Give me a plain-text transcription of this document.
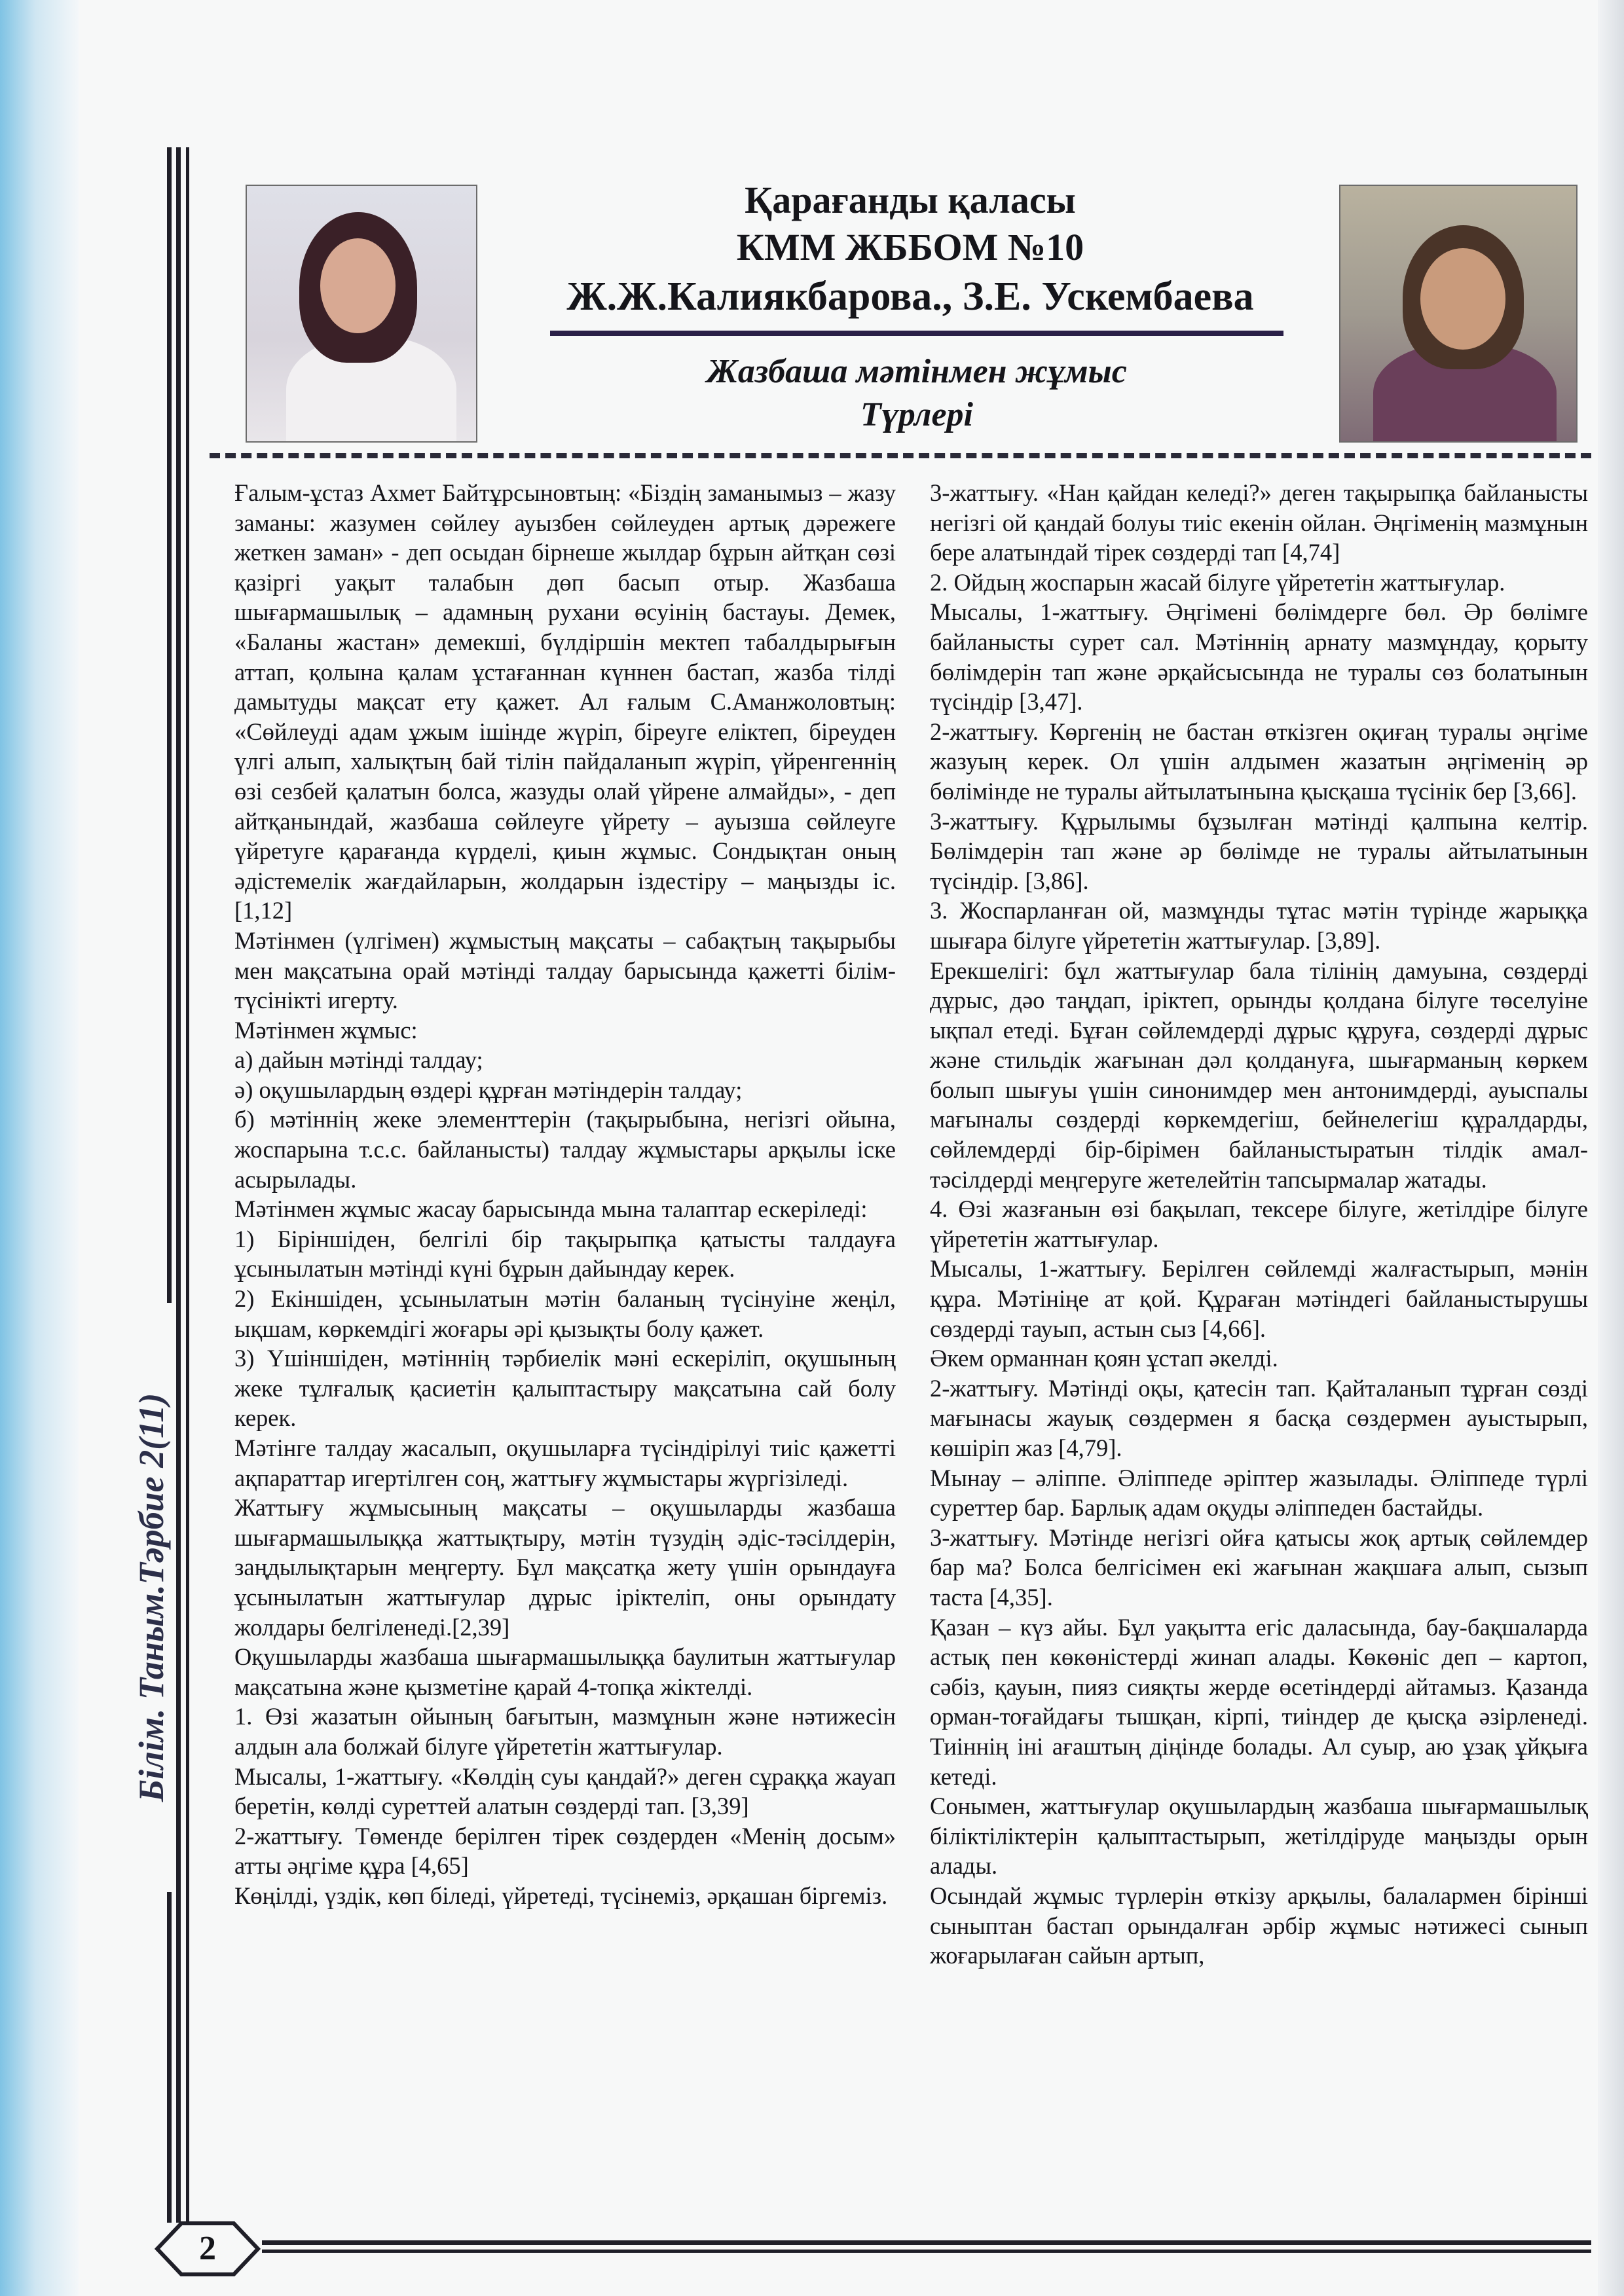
Білім. Таным.Тәрбие 2(11)
Қарағанды қаласы
КММ ЖББОМ №10
Ж.Ж.Калиякбарова., З.Е. Ускембаева
Жазбаша мәтінмен жұмыс
Түрлері

Ғалым-ұстаз Ахмет Байтұрсыновтың: «Біздің заманымыз – жазу заманы: жазумен сөйлеу ауызбен сөйлеуден артық дәрежеге жеткен заман» - деп осыдан бірнеше жылдар бұрын айтқан сөзі қазіргі уақыт талабын дөп басып отыр. Жазбаша шығармашылық – адамның рухани өсуінің бастауы. Демек, «Баланы жастан» демекші, бүлдіршін мектеп табалдырығын аттап, қолына қалам ұстағаннан күннен бастап, жазба тілді дамытуды мақсат ету қажет. Ал ғалым С.Аманжоловтың: «Сөйлеуді адам ұжым ішінде жүріп, біреуге еліктеп, біреуден үлгі алып, халықтың бай тілін пайдаланып жүріп, үйренгеннің өзі сезбей қалатын болса, жазуды олай үйрене алмайды», - деп айтқанындай, жазбаша сөйлеуге үйрету – ауызша сөйлеуге үйретуге қарағанда күрделі, қиын жұмыс. Сондықтан оның әдістемелік жағдайларын, жолдарын іздестіру – маңызды іс.[1,12]

Мәтінмен (үлгімен) жұмыстың мақсаты – сабақтың тақырыбы мен мақсатына орай мәтінді талдау барысында қажетті білім-түсінікті игерту.

Мәтінмен жұмыс:

а) дайын мәтінді талдау;

ә) оқушылардың өздері құрған мәтіндерін талдау;

б) мәтіннің жеке элементтерін (тақырыбына, негізгі ойына, жоспарына т.с.с. байланысты) талдау жұмыстары арқылы іске асырылады.

Мәтінмен жұмыс жасау барысында мына талаптар ескеріледі:

1) Біріншіден, белгілі бір тақырыпқа қатысты талдауға ұсынылатын мәтінді күні бұрын дайындау керек.

2) Екіншіден, ұсынылатын мәтін баланың түсінуіне жеңіл, ықшам, көркемдігі жоғары әрі қызықты болу қажет.

3) Үшіншіден, мәтіннің тәрбиелік мәні ескеріліп, оқушының жеке тұлғалық қасиетін қалыптастыру мақсатына сай болу керек.

Мәтінге талдау жасалып, оқушыларға түсіндірілуі тиіс қажетті ақпараттар игертілген соң, жаттығу жұмыстары жүргізіледі.

Жаттығу жұмысының мақсаты – оқушыларды жазбаша шығармашылыққа жаттықтыру, мәтін түзудің әдіс-тәсілдерін, заңдылықтарын меңгерту. Бұл мақсатқа жету үшін орындауға ұсынылатын жаттығулар дұрыс іріктеліп, оны орындату жолдары белгіленеді.[2,39]

Оқушыларды жазбаша шығармашылыққа баулитын жаттығулар мақсатына және қызметіне қарай 4-топқа жіктелді.

1. Өзі жазатын ойының бағытын, мазмұнын және нәтижесін алдын ала болжай білуге үйрететін жаттығулар.

Мысалы, 1-жаттығу. «Көлдің суы қандай?» деген сұраққа жауап беретін, көлді суреттей алатын сөздерді тап. [3,39]

2-жаттығу. Төменде берілген тірек сөздерден «Менің досым» атты әңгіме құра [4,65]

Көңілді, үздік, көп біледі, үйретеді, түсінеміз, әрқашан біргеміз.

3-жаттығу. «Нан қайдан келеді?» деген тақырыпқа байланысты негізгі ой қандай болуы тиіс екенін ойлан. Әңгіменің мазмұнын бере алатындай тірек сөздерді тап [4,74]

2. Ойдың жоспарын жасай білуге үйрететін жаттығулар.

Мысалы, 1-жаттығу. Әңгімені бөлімдерге бөл. Әр бөлімге байланысты сурет сал. Мәтіннің арнату мазмұндау, қорыту бөлімдерін тап және әрқайсысында не туралы сөз болатынын түсіндір [3,47].

2-жаттығу. Көргенің не бастан өткізген оқиғаң туралы әңгіме жазуың керек. Ол үшін алдымен жазатын әңгіменің әр бөлімінде не туралы айтылатынына қысқаша түсінік бер [3,66].

3-жаттығу. Құрылымы бұзылған мәтінді қалпына келтір. Бөлімдерін тап және әр бөлімде не туралы айтылатынын түсіндір. [3,86].

3. Жоспарланған ой, мазмұнды тұтас мәтін түрінде жарыққа шығара білуге үйрететін жаттығулар. [3,89].

Ерекшелігі: бұл жаттығулар бала тілінің дамуына, сөздерді дұрыс, дәо таңдап, іріктеп, орынды қолдана білуге төселуіне ықпал етеді. Бұған сөйлемдерді дұрыс құруға, сөздерді дұрыс және стильдік жағынан дәл қолдануға, шығарманың көркем болып шығуы үшін синонимдер мен антонимдерді, ауыспалы мағыналы сөздерді көркемдегіш, бейнелегіш құралдарды, сөйлемдерді бір-бірімен байланыстыратын тілдік амал-тәсілдерді меңгеруге жетелейтін тапсырмалар жатады.

4. Өзі жазғанын өзі бақылап, тексере білуге, жетілдіре білуге үйрететін жаттығулар.

Мысалы, 1-жаттығу. Берілген сөйлемді жалғастырып, мәнін құра. Мәтініңе ат қой. Құраған мәтіндегі байланыстырушы сөздерді тауып, астын сыз [4,66].

Әкем орманнан қоян ұстап әкелді.

2-жаттығу. Мәтінді оқы, қатесін тап. Қайталанып тұрған сөзді мағынасы жауық сөздермен я басқа сөздермен ауыстырып, көшіріп жаз [4,79].

Мынау – әліппе. Әліппеде әріптер жазылады. Әліппеде түрлі суреттер бар. Барлық адам оқуды әліппеден бастайды.

3-жаттығу. Мәтінде негізгі ойға қатысы жоқ артық сөйлемдер бар ма? Болса белгісімен екі жағынан жақшаға алып, сызып таста [4,35].

Қазан – күз айы. Бұл уақытта егіс даласында, бау-бақшаларда астық пен көкөністерді жинап алады. Көкөніс деп – картоп, сәбіз, қауын, пияз сияқты жерде өсетіндерді айтамыз. Қазанда орман-тоғайдағы тышқан, кірпі, тиіндер де қысқа әзірленеді. Тиіннің іні ағаштың діңінде болады. Ал суыр, аю ұзақ ұйқыға кетеді.

Сонымен, жаттығулар оқушылардың жазбаша шығармашылық біліктіліктерін қалыптастырып, жетілдіруде маңызды орын алады.

Осындай жұмыс түрлерін өткізу арқылы, балалармен бірінші сыныптан бастап орындалған әрбір жұмыс нәтижесі сынып жоғарылаған сайын артып,

2
